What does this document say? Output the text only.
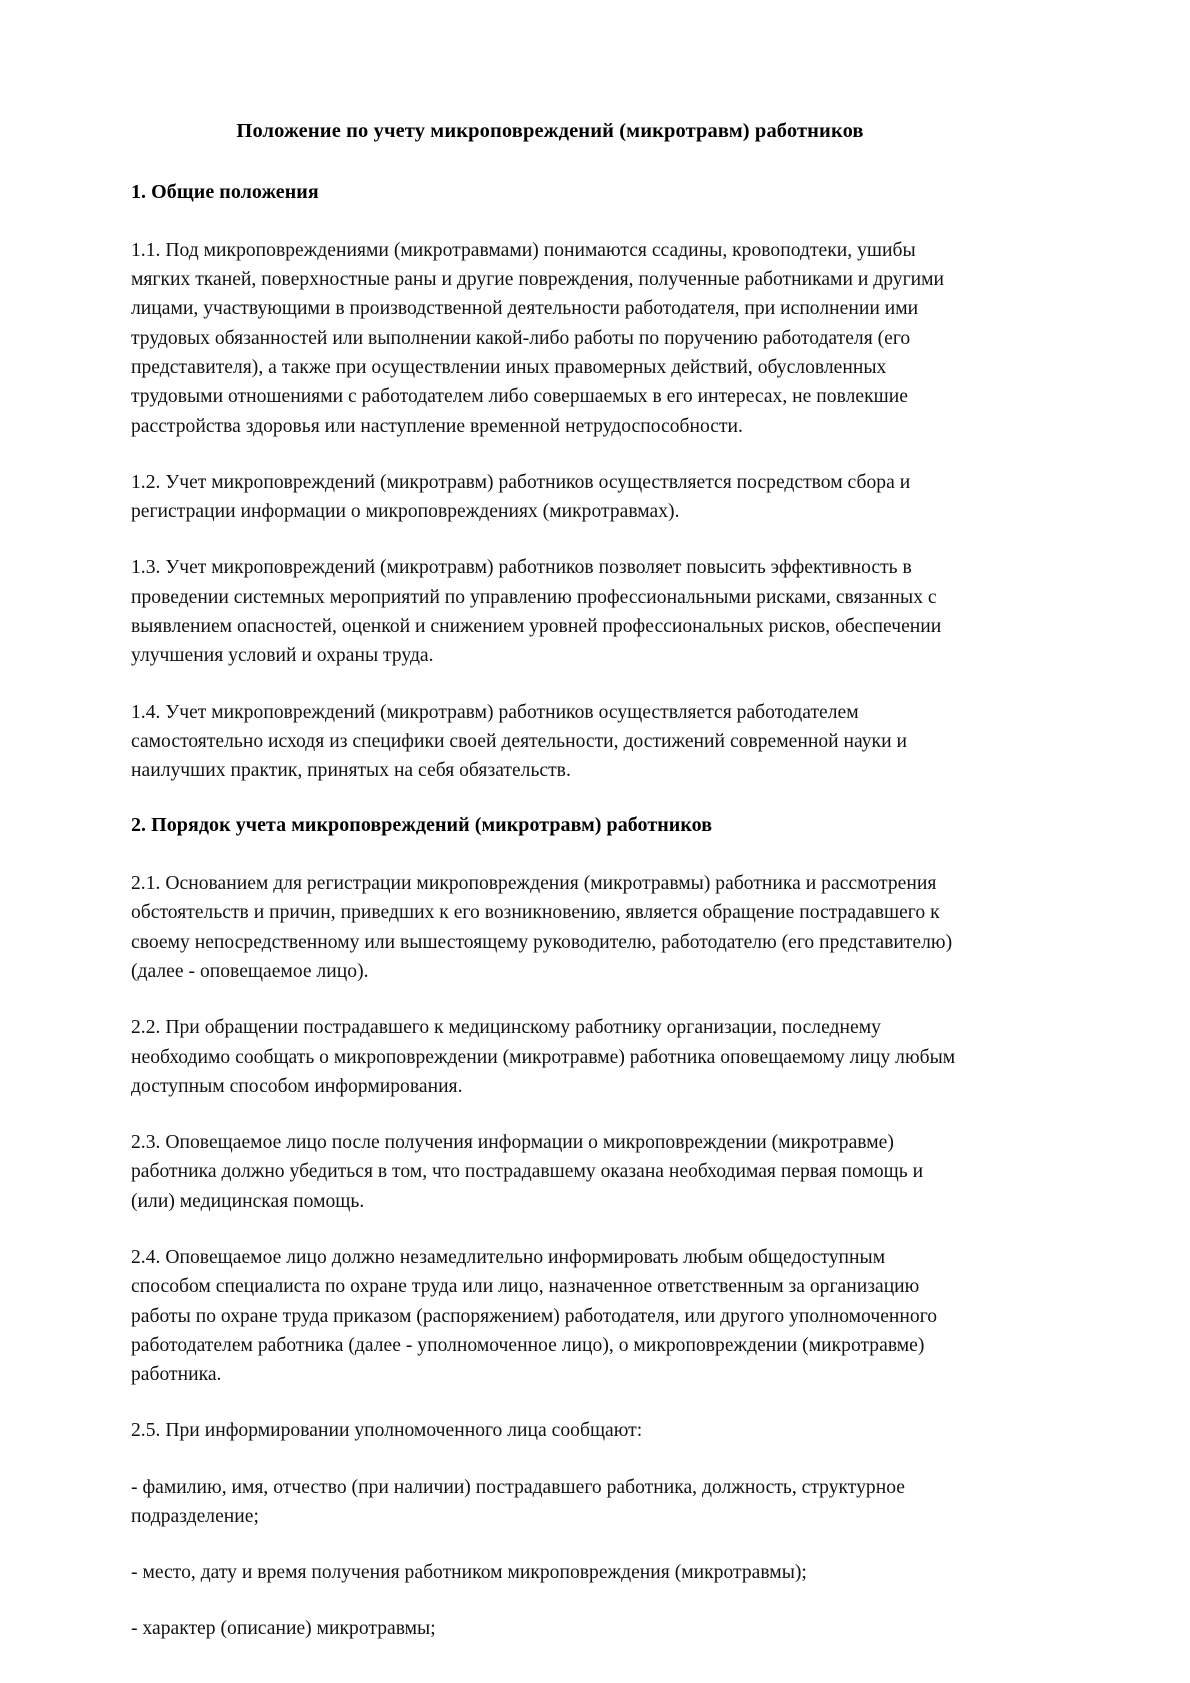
Положение по учету микроповреждений (микротравм) работников
1. Общие положения

1.1. Под микроповреждениями (микротравмами) понимаются ссадины, кровоподтеки, ушибы мягких тканей, поверхностные раны и другие повреждения, полученные работниками и другими лицами, участвующими в производственной деятельности работодателя, при исполнении ими трудовых обязанностей или выполнении какой-либо работы по поручению работодателя (его представителя), а также при осуществлении иных правомерных действий, обусловленных трудовыми отношениями с работодателем либо совершаемых в его интересах, не повлекшие расстройства здоровья или наступление временной нетрудоспособности.

1.2. Учет микроповреждений (микротравм) работников осуществляется посредством сбора и регистрации информации о микроповреждениях (микротравмах).

1.3. Учет микроповреждений (микротравм) работников позволяет повысить эффективность в проведении системных мероприятий по управлению профессиональными рисками, связанных с выявлением опасностей, оценкой и снижением уровней профессиональных рисков, обеспечении улучшения условий и охраны труда.

1.4. Учет микроповреждений (микротравм) работников осуществляется работодателем самостоятельно исходя из специфики своей деятельности, достижений современной науки и наилучших практик, принятых на себя обязательств.

2. Порядок учета микроповреждений (микротравм) работников

2.1. Основанием для регистрации микроповреждения (микротравмы) работника и рассмотрения обстоятельств и причин, приведших к его возникновению, является обращение пострадавшего к своему непосредственному или вышестоящему руководителю, работодателю (его представителю) (далее - оповещаемое лицо).

2.2. При обращении пострадавшего к медицинскому работнику организации, последнему необходимо сообщать о микроповреждении (микротравме) работника оповещаемому лицу любым доступным способом информирования.

2.3. Оповещаемое лицо после получения информации о микроповреждении (микротравме) работника должно убедиться в том, что пострадавшему оказана необходимая первая помощь и (или) медицинская помощь.

2.4. Оповещаемое лицо должно незамедлительно информировать любым общедоступным способом специалиста по охране труда или лицо, назначенное ответственным за организацию работы по охране труда приказом (распоряжением) работодателя, или другого уполномоченного работодателем работника (далее - уполномоченное лицо), о микроповреждении (микротравме) работника.

2.5. При информировании уполномоченного лица сообщают:

- фамилию, имя, отчество (при наличии) пострадавшего работника, должность, структурное подразделение;

- место, дату и время получения работником микроповреждения (микротравмы);

- характер (описание) микротравмы;
